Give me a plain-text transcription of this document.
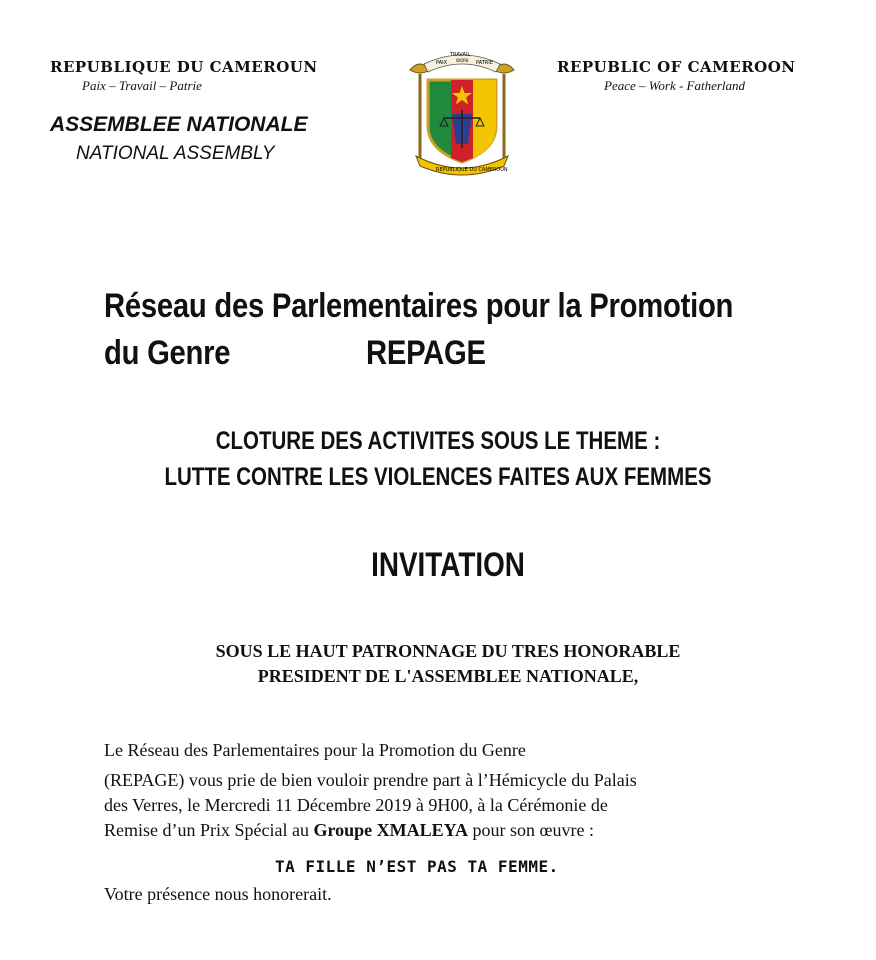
REPUBLIQUE DU CAMEROUN
Paix – Travail – Patrie
ASSEMBLEE NATIONALE
NATIONAL ASSEMBLY
REPUBLIC OF CAMEROON
Peace – Work - Fatherland
PAIX
TRAVAIL
WORK PATRIE
REPUBLIQUE DU CAMEROUN
Réseau des Parlementaires pour la Promotion
du Genre	REPAGE
CLOTURE DES ACTIVITES SOUS LE THEME :
LUTTE CONTRE LES VIOLENCES FAITES AUX FEMMES
INVITATION
SOUS LE HAUT PATRONNAGE DU TRES HONORABLE
PRESIDENT DE L'ASSEMBLEE NATIONALE,
Le Réseau des Parlementaires pour la Promotion du Genre
(REPAGE) vous prie de bien vouloir prendre part à l’Hémicycle du Palais
des Verres, le Mercredi 11 Décembre 2019 à 9H00, à la Cérémonie de
Remise d’un Prix Spécial au Groupe XMALEYA pour son œuvre :
TA FILLE N’EST PAS TA FEMME.
Votre présence nous honorerait.
